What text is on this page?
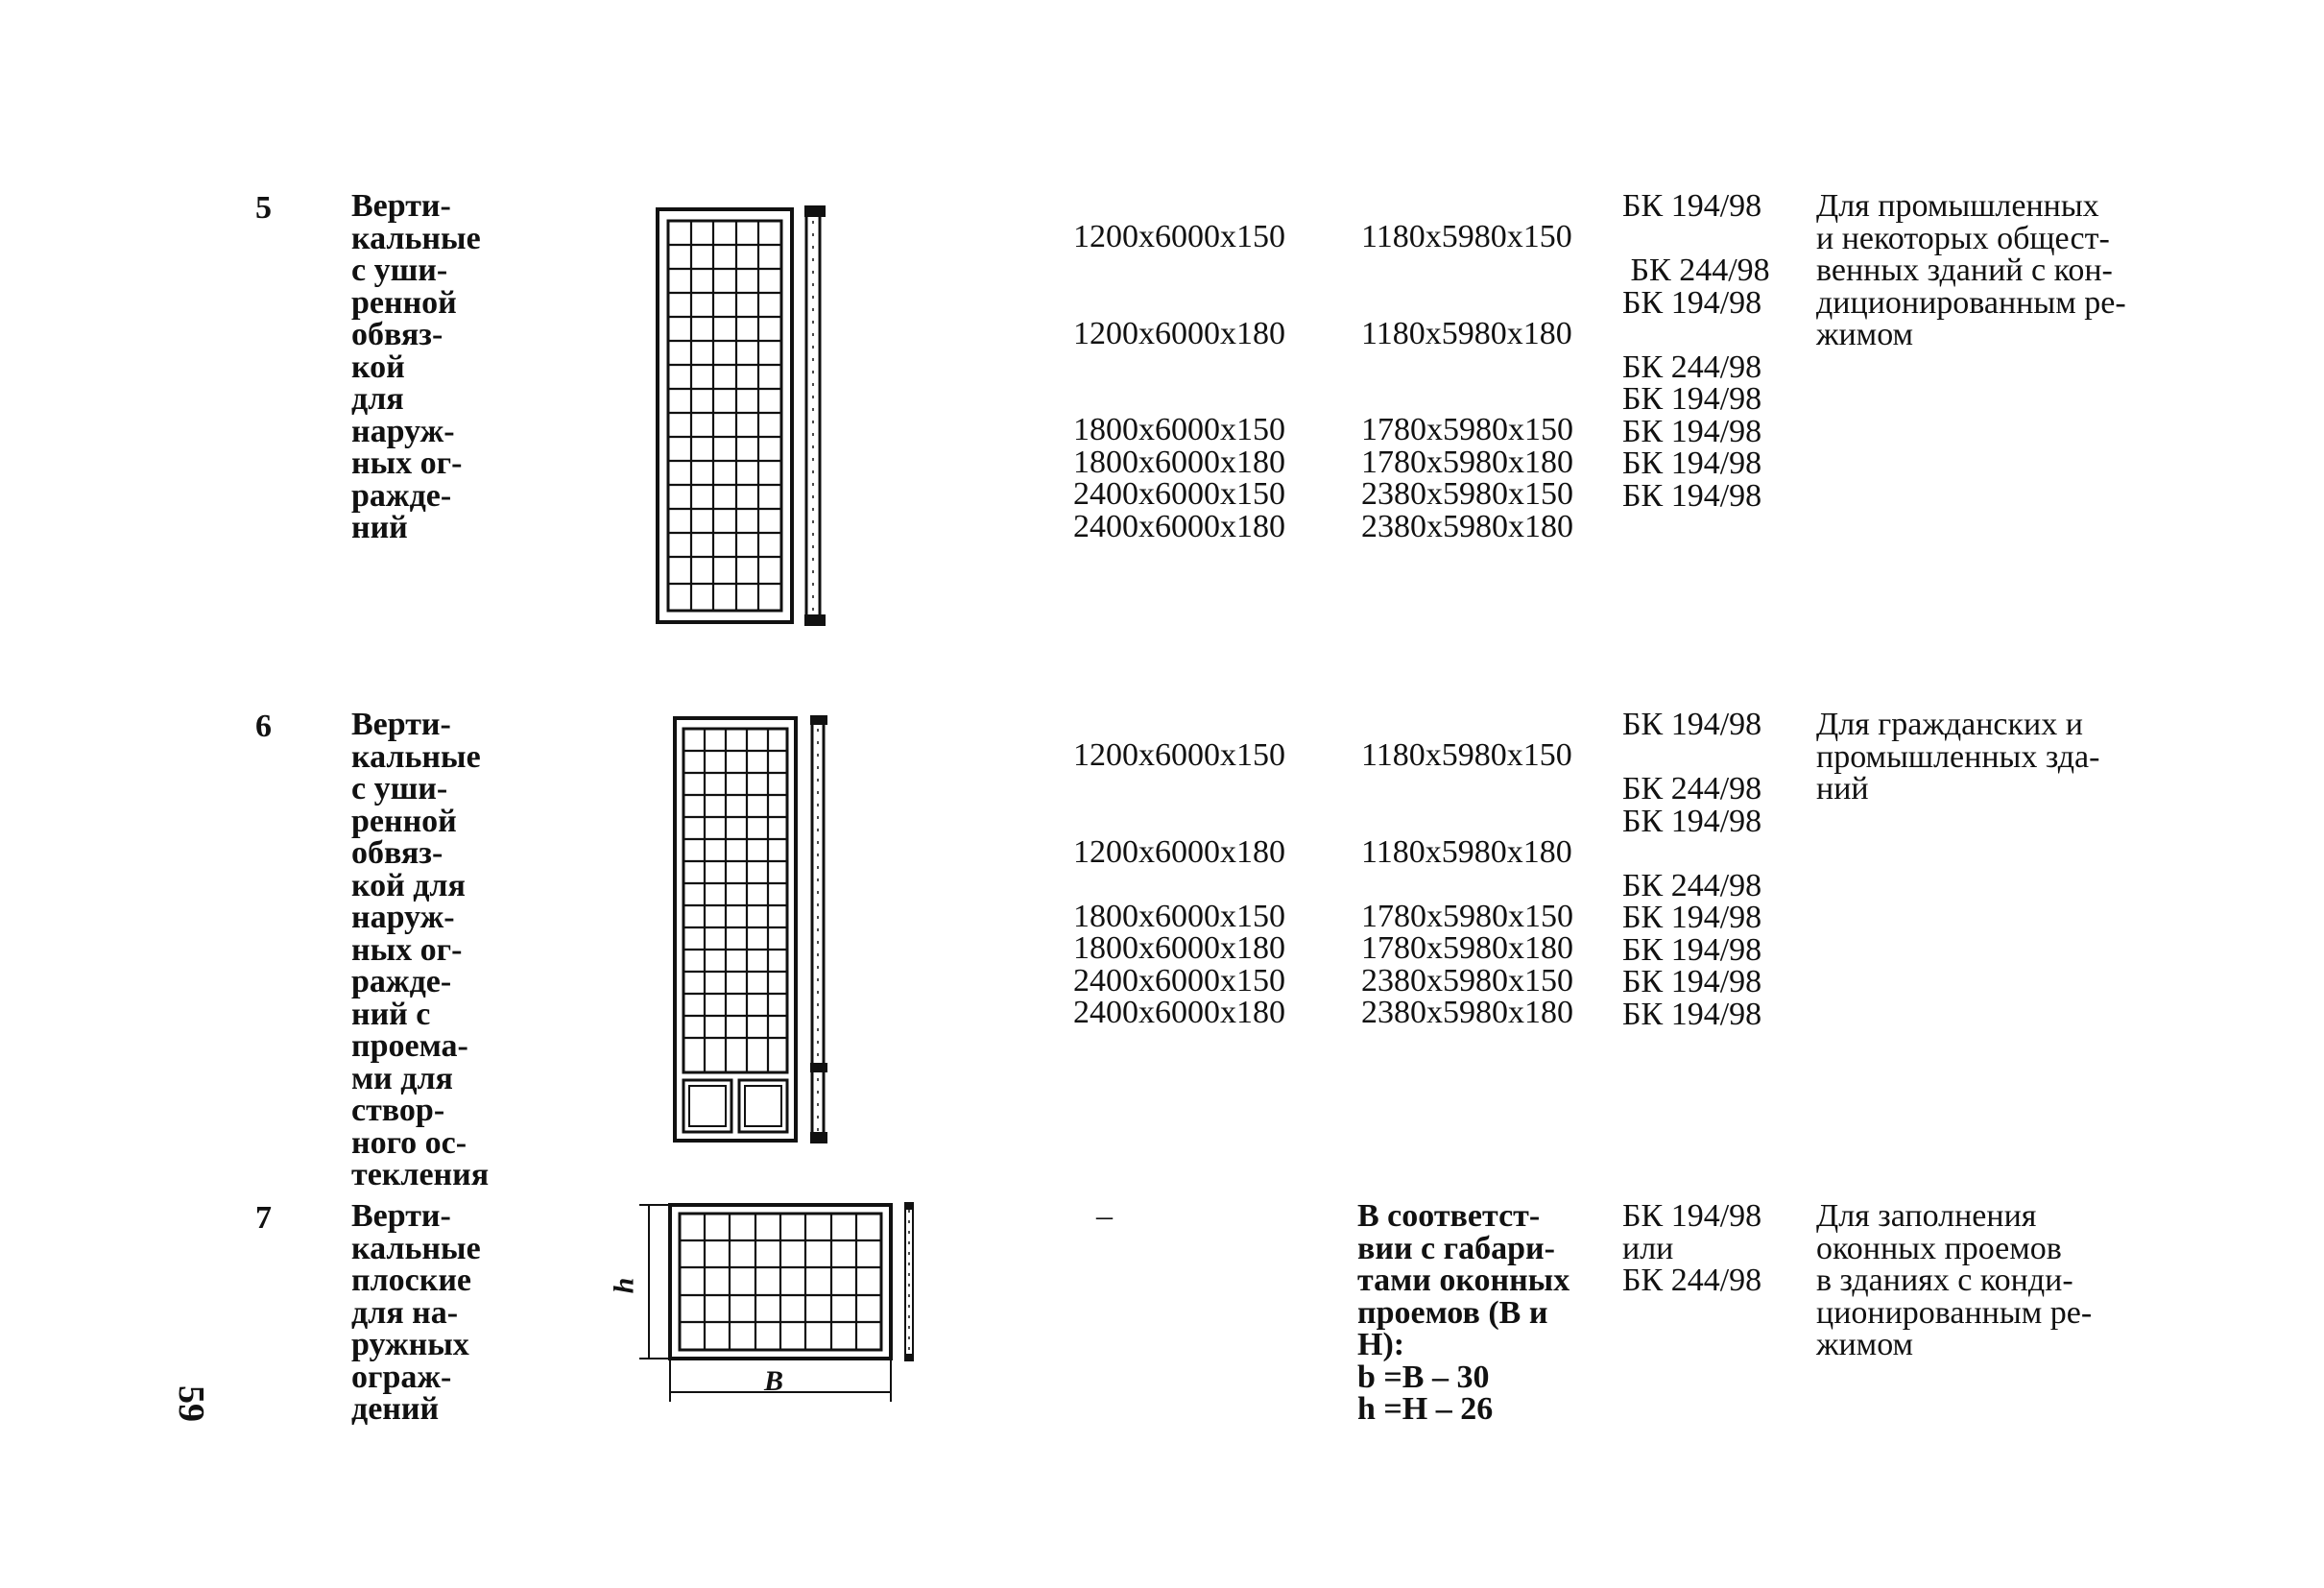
59
5 Верти-
кальные
с уши-
ренной
обвяз-
кой
для
наруж-
ных ог-
ражде-
ний
1200x6000x150

1200x6000x180

1800x6000x150
1800x6000x180
2400x6000x150
2400x6000x180
1180x5980x150

1180x5980x180

1780x5980x150
1780x5980x180
2380x5980x150
2380x5980x180
БК 194/98

БК 244/98
БК 194/98

БК 244/98
БК 194/98
БК 194/98
БК 194/98
БК 194/98
Для промышленных
и некоторых общест-
венных зданий с кон-
диционированным ре-
жимом
6 Верти-
кальные
с уши-
ренной
обвяз-
кой для
наруж-
ных ог-
ражде-
ний с
проема-
ми для
створ-
ного ос-
текления
1200x6000x150

1200x6000x180

1800x6000x150
1800x6000x180
2400x6000x150
2400x6000x180
1180x5980x150

1180x5980x180

1780x5980x150
1780x5980x180
2380x5980x150
2380x5980x180
БК 194/98

БК 244/98
БК 194/98

БК 244/98
БК 194/98
БК 194/98
БК 194/98
БК 194/98
Для гражданских и
промышленных зда-
ний
7 Верти-
кальные
плоские
для на-
ружных
ограж-
дений
–	В соответст-
вии с габари-
тами оконных
проемов (В и
Н):
b =В – 30
h =Н – 26
БК 194/98
или
БК 244/98
Для заполнения
оконных проемов
в зданиях с конди-
ционированным ре-
жимом
h
B
